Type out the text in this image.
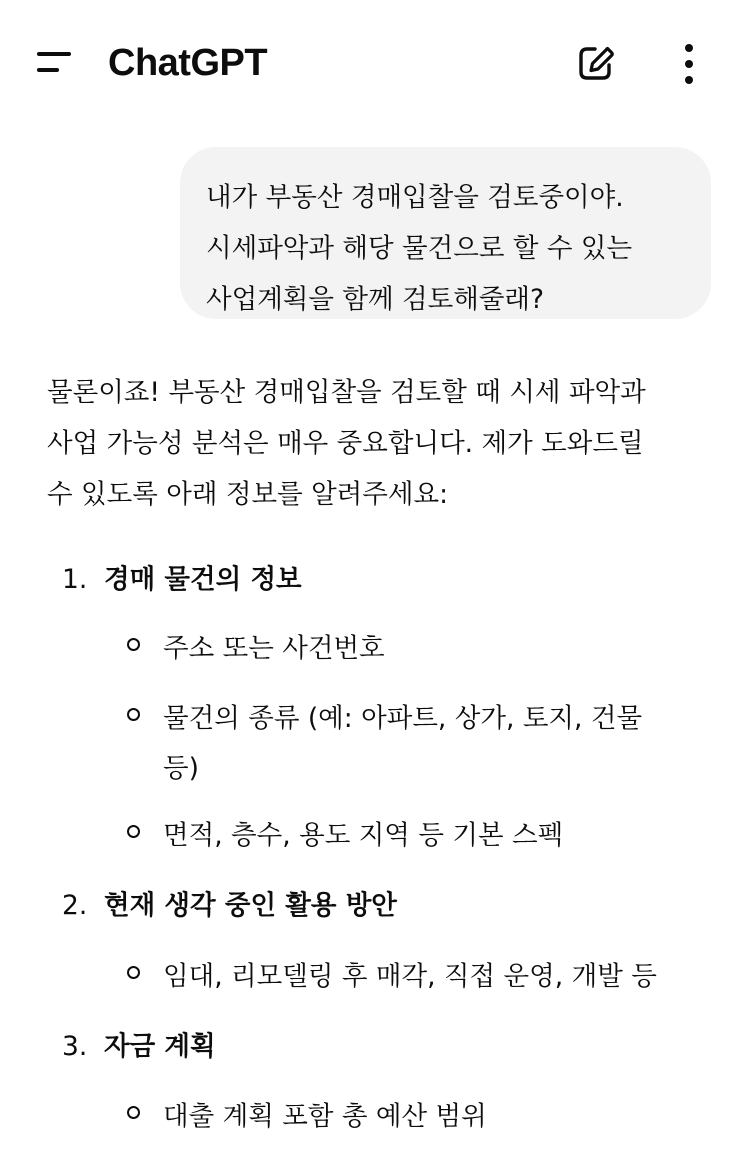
ChatGPT
내가 부동산 경매입찰을 검토중이야.
시세파악과 해당 물건으로 할 수 있는
사업계획을 함께 검토해줄래?
물론이죠! 부동산 경매입찰을 검토할 때 시세 파악과
사업 가능성 분석은 매우 중요합니다. 제가 도와드릴
수 있도록 아래 정보를 알려주세요:
1. 경매 물건의 정보
주소 또는 사건번호
물건의 종류 (예: 아파트, 상가, 토지, 건물
등)
면적, 층수, 용도 지역 등 기본 스펙
2. 현재 생각 중인 활용 방안
임대, 리모델링 후 매각, 직접 운영, 개발 등
3. 자금 계획
대출 계획 포함 총 예산 범위
